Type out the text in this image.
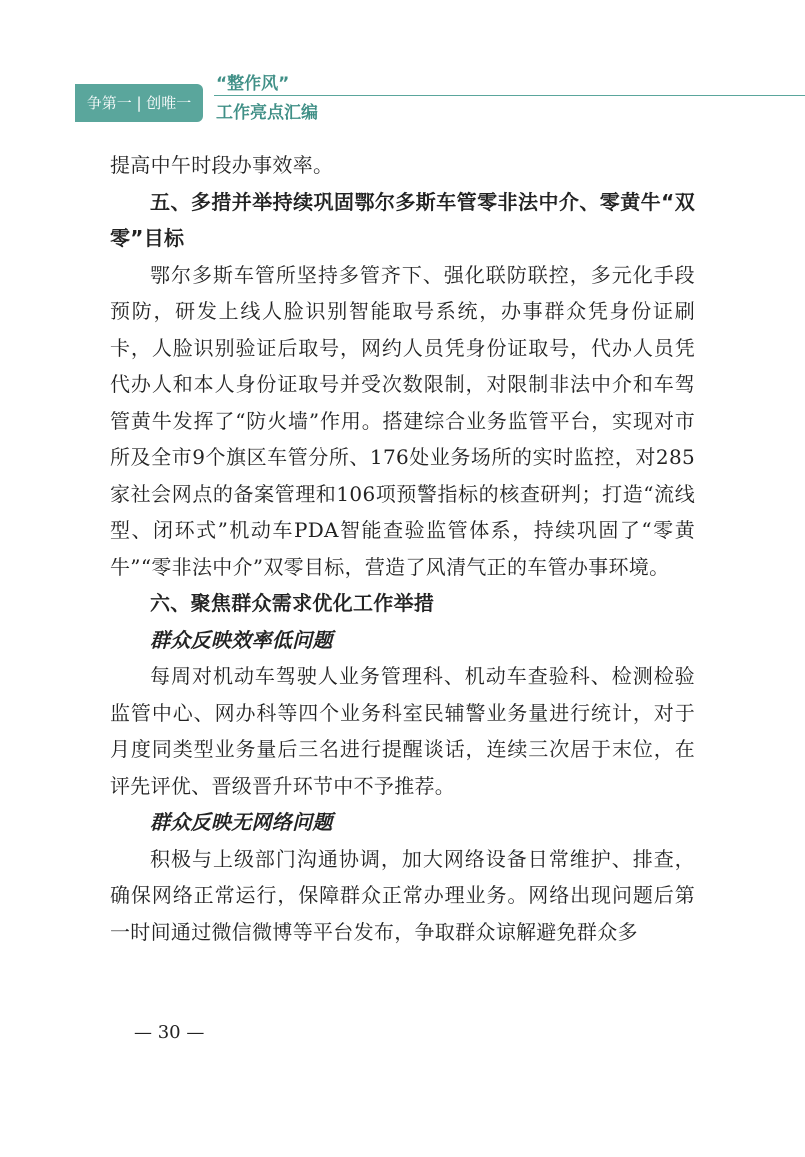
争第一 | 创唯一
“整作风”
工作亮点汇编

提高中午时段办事效率。

五、多措并举持续巩固鄂尔多斯车管零非法中介、零黄牛“双零”目标

鄂尔多斯车管所坚持多管齐下、强化联防联控，多元化手段预防，研发上线人脸识别智能取号系统，办事群众凭身份证刷卡，人脸识别验证后取号，网约人员凭身份证取号，代办人员凭代办人和本人身份证取号并受次数限制，对限制非法中介和车驾管黄牛发挥了“防火墙”作用。搭建综合业务监管平台，实现对市所及全市9个旗区车管分所、176处业务场所的实时监控，对285家社会网点的备案管理和106项预警指标的核查研判；打造“流线型、闭环式”机动车PDA智能查验监管体系，持续巩固了“零黄牛”“零非法中介”双零目标，营造了风清气正的车管办事环境。

六、聚焦群众需求优化工作举措

群众反映效率低问题

每周对机动车驾驶人业务管理科、机动车查验科、检测检验监管中心、网办科等四个业务科室民辅警业务量进行统计，对于月度同类型业务量后三名进行提醒谈话，连续三次居于末位，在评先评优、晋级晋升环节中不予推荐。

群众反映无网络问题

积极与上级部门沟通协调，加大网络设备日常维护、排查，确保网络正常运行，保障群众正常办理业务。网络出现问题后第一时间通过微信微博等平台发布，争取群众谅解避免群众多

— 30 —
